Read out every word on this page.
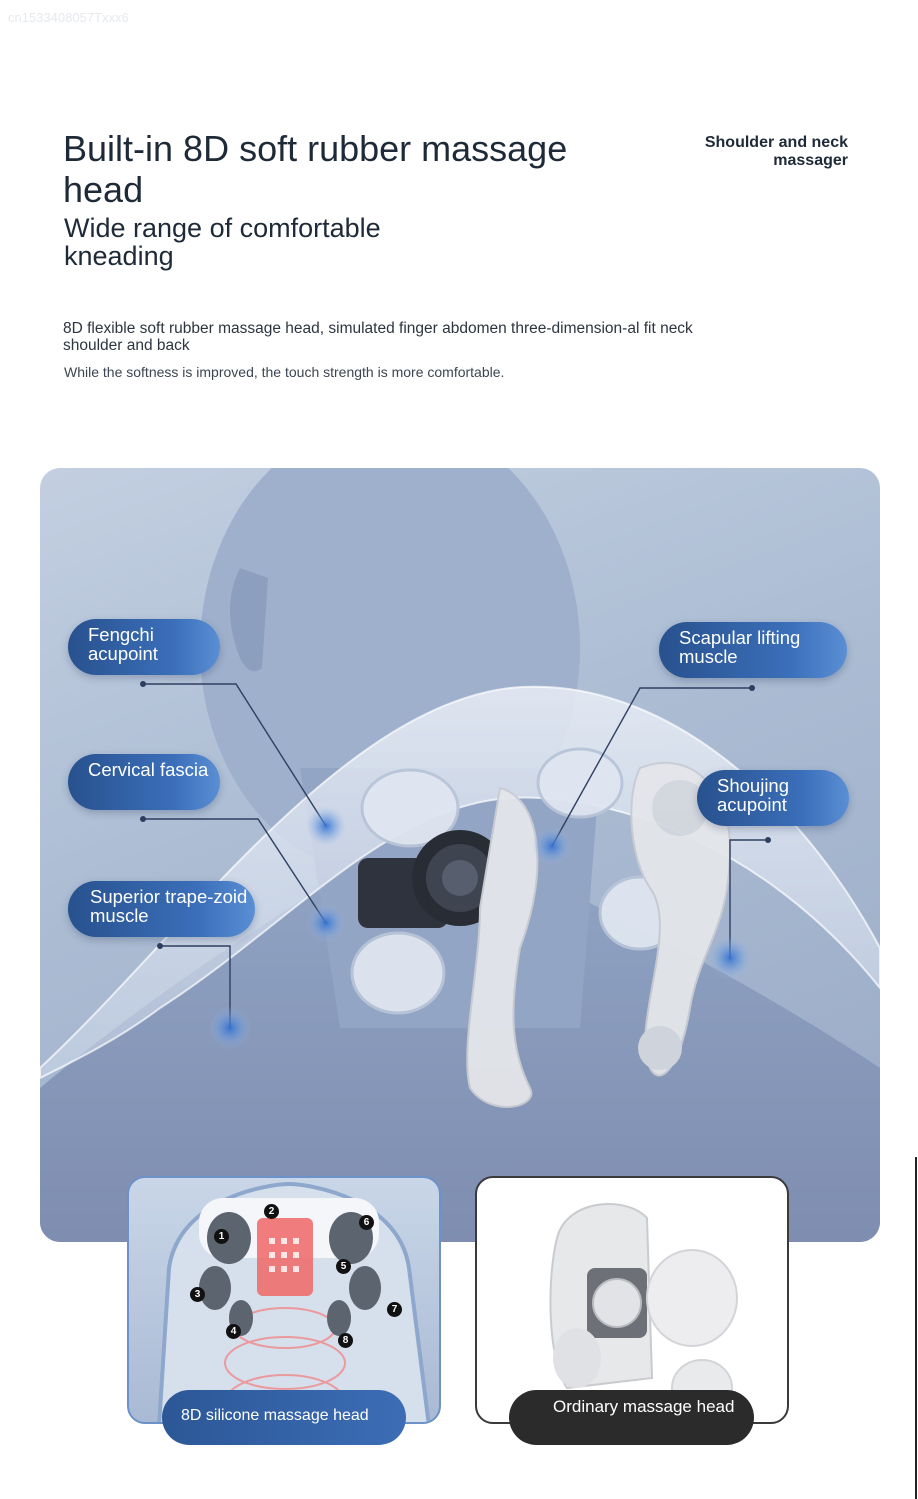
cn1533408057Txxx6
Built-in 8D soft rubber massage head
Wide range of comfortable kneading
Shoulder and neck massager
8D flexible soft rubber massage head, simulated finger abdomen three-dimension-al fit neck shoulder and back
While the softness is improved, the touch strength is more comfortable.
Fengchi acupoint
Cervical fascia
Superior trape-zoid muscle
Scapular lifting muscle
Shoujing acupoint
1
2
3
4
5
6
7
8
8D silicone massage head	Ordinary massage head
